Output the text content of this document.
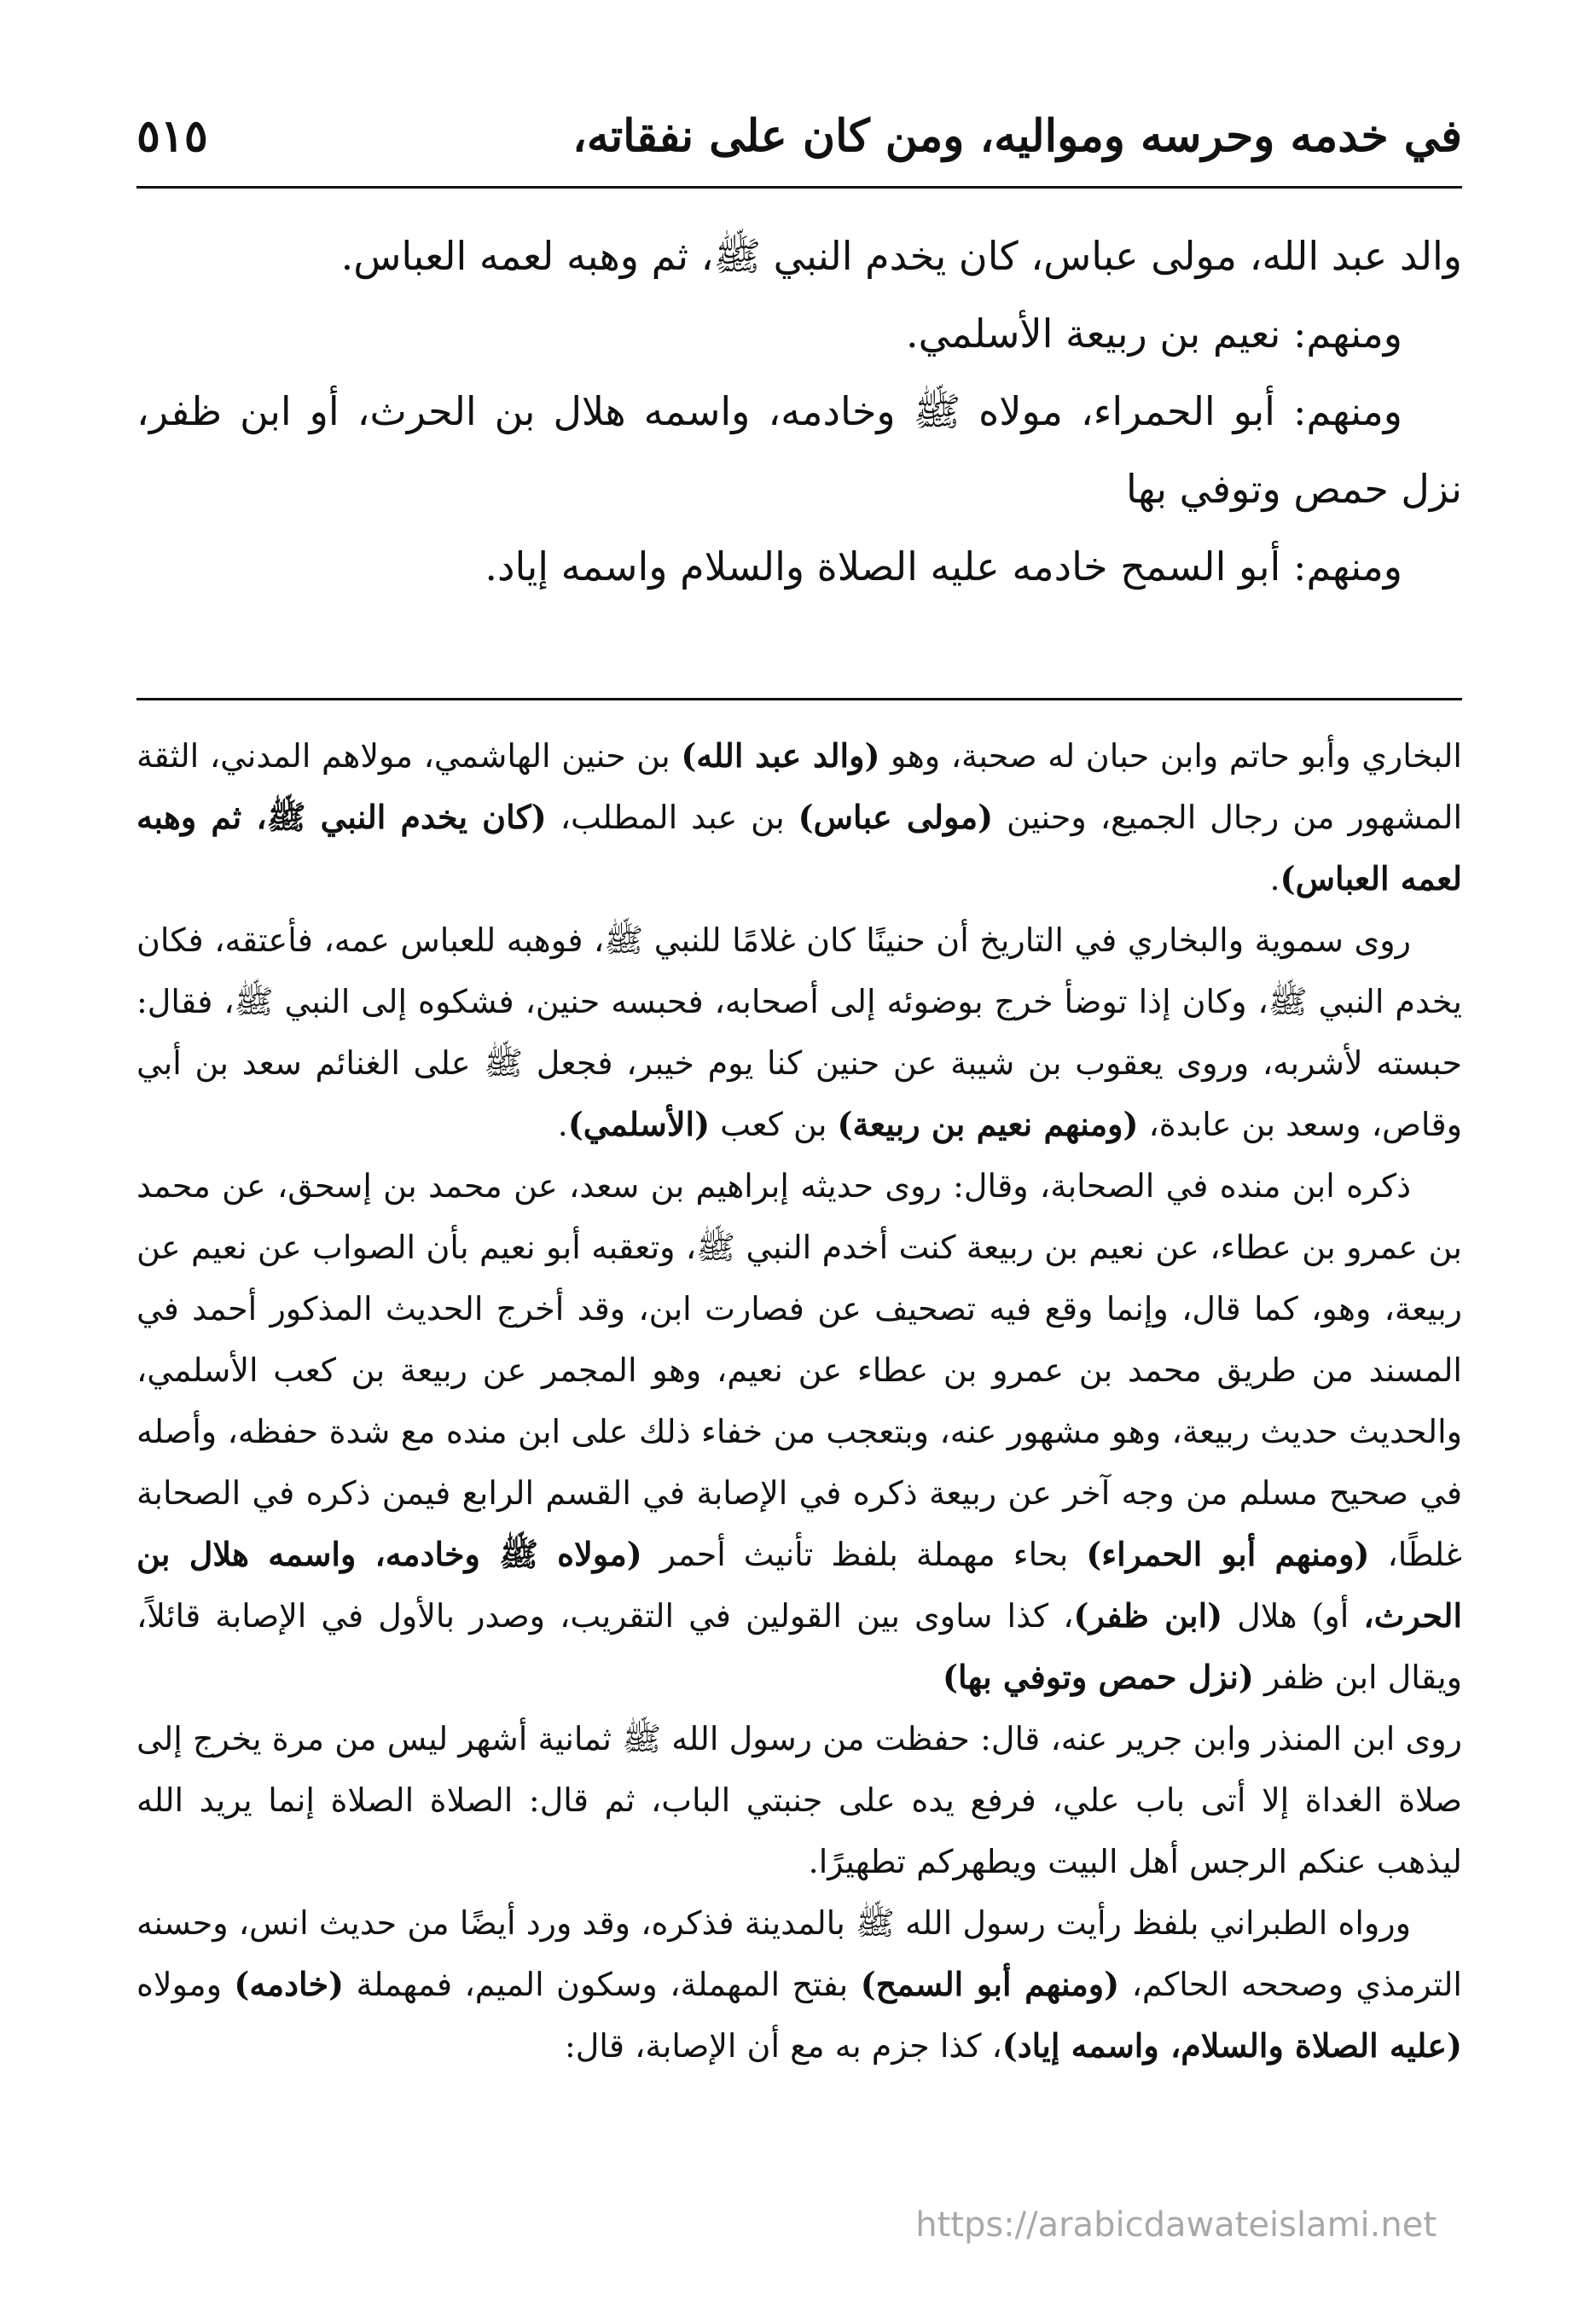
في خدمه وحرسه ومواليه، ومن كان على نفقاته،
٥١٥

والد عبد الله، مولى عباس، كان يخدم النبي ﷺ، ثم وهبه لعمه العباس.

ومنهم: نعيم بن ربيعة الأسلمي.

ومنهم: أبو الحمراء، مولاه ﷺ وخادمه، واسمه هلال بن الحرث، أو ابن ظفر، نزل حمص وتوفي بها

ومنهم: أبو السمح خادمه عليه الصلاة والسلام واسمه إياد.

البخاري وأبو حاتم وابن حبان له صحبة، وهو (والد عبد الله) بن حنين الهاشمي، مولاهم المدني، الثقة المشهور من رجال الجميع، وحنين (مولى عباس) بن عبد المطلب، (كان يخدم النبي ﷺ، ثم وهبه لعمه العباس).

روى سموية والبخاري في التاريخ أن حنينًا كان غلامًا للنبي ﷺ، فوهبه للعباس عمه، فأعتقه، فكان يخدم النبي ﷺ، وكان إذا توضأ خرج بوضوئه إلى أصحابه، فحبسه حنين، فشكوه إلى النبي ﷺ، فقال: حبسته لأشربه، وروى يعقوب بن شيبة عن حنين كنا يوم خيبر، فجعل ﷺ على الغنائم سعد بن أبي وقاص، وسعد بن عابدة، (ومنهم نعيم بن ربيعة) بن كعب (الأسلمي).

ذكره ابن منده في الصحابة، وقال: روى حديثه إبراهيم بن سعد، عن محمد بن إسحق، عن محمد بن عمرو بن عطاء، عن نعيم بن ربيعة كنت أخدم النبي ﷺ، وتعقبه أبو نعيم بأن الصواب عن نعيم عن ربيعة، وهو، كما قال، وإنما وقع فيه تصحيف عن فصارت ابن، وقد أخرج الحديث المذكور أحمد في المسند من طريق محمد بن عمرو بن عطاء عن نعيم، وهو المجمر عن ربيعة بن كعب الأسلمي، والحديث حديث ربيعة، وهو مشهور عنه، وبتعجب من خفاء ذلك على ابن منده مع شدة حفظه، وأصله في صحيح مسلم من وجه آخر عن ربيعة ذكره في الإصابة في القسم الرابع فيمن ذكره في الصحابة غلطًا، (ومنهم أبو الحمراء) بحاء مهملة بلفظ تأنيث أحمر (مولاه ﷺ وخادمه، واسمه هلال بن الحرث، أو) هلال (ابن ظفر)، كذا ساوى بين القولين في التقريب، وصدر بالأول في الإصابة قائلاً، ويقال ابن ظفر (نزل حمص وتوفي بها)

روى ابن المنذر وابن جرير عنه، قال: حفظت من رسول الله ﷺ ثمانية أشهر ليس من مرة يخرج إلى صلاة الغداة إلا أتى باب علي، فرفع يده على جنبتي الباب، ثم قال: الصلاة الصلاة إنما يريد الله ليذهب عنكم الرجس أهل البيت ويطهركم تطهيرًا.

ورواه الطبراني بلفظ رأيت رسول الله ﷺ بالمدينة فذكره، وقد ورد أيضًا من حديث انس، وحسنه الترمذي وصححه الحاكم، (ومنهم أبو السمح) بفتح المهملة، وسكون الميم، فمهملة (خادمه) ومولاه (عليه الصلاة والسلام، واسمه إياد)، كذا جزم به مع أن الإصابة، قال:

https://arabicdawateislami.net
